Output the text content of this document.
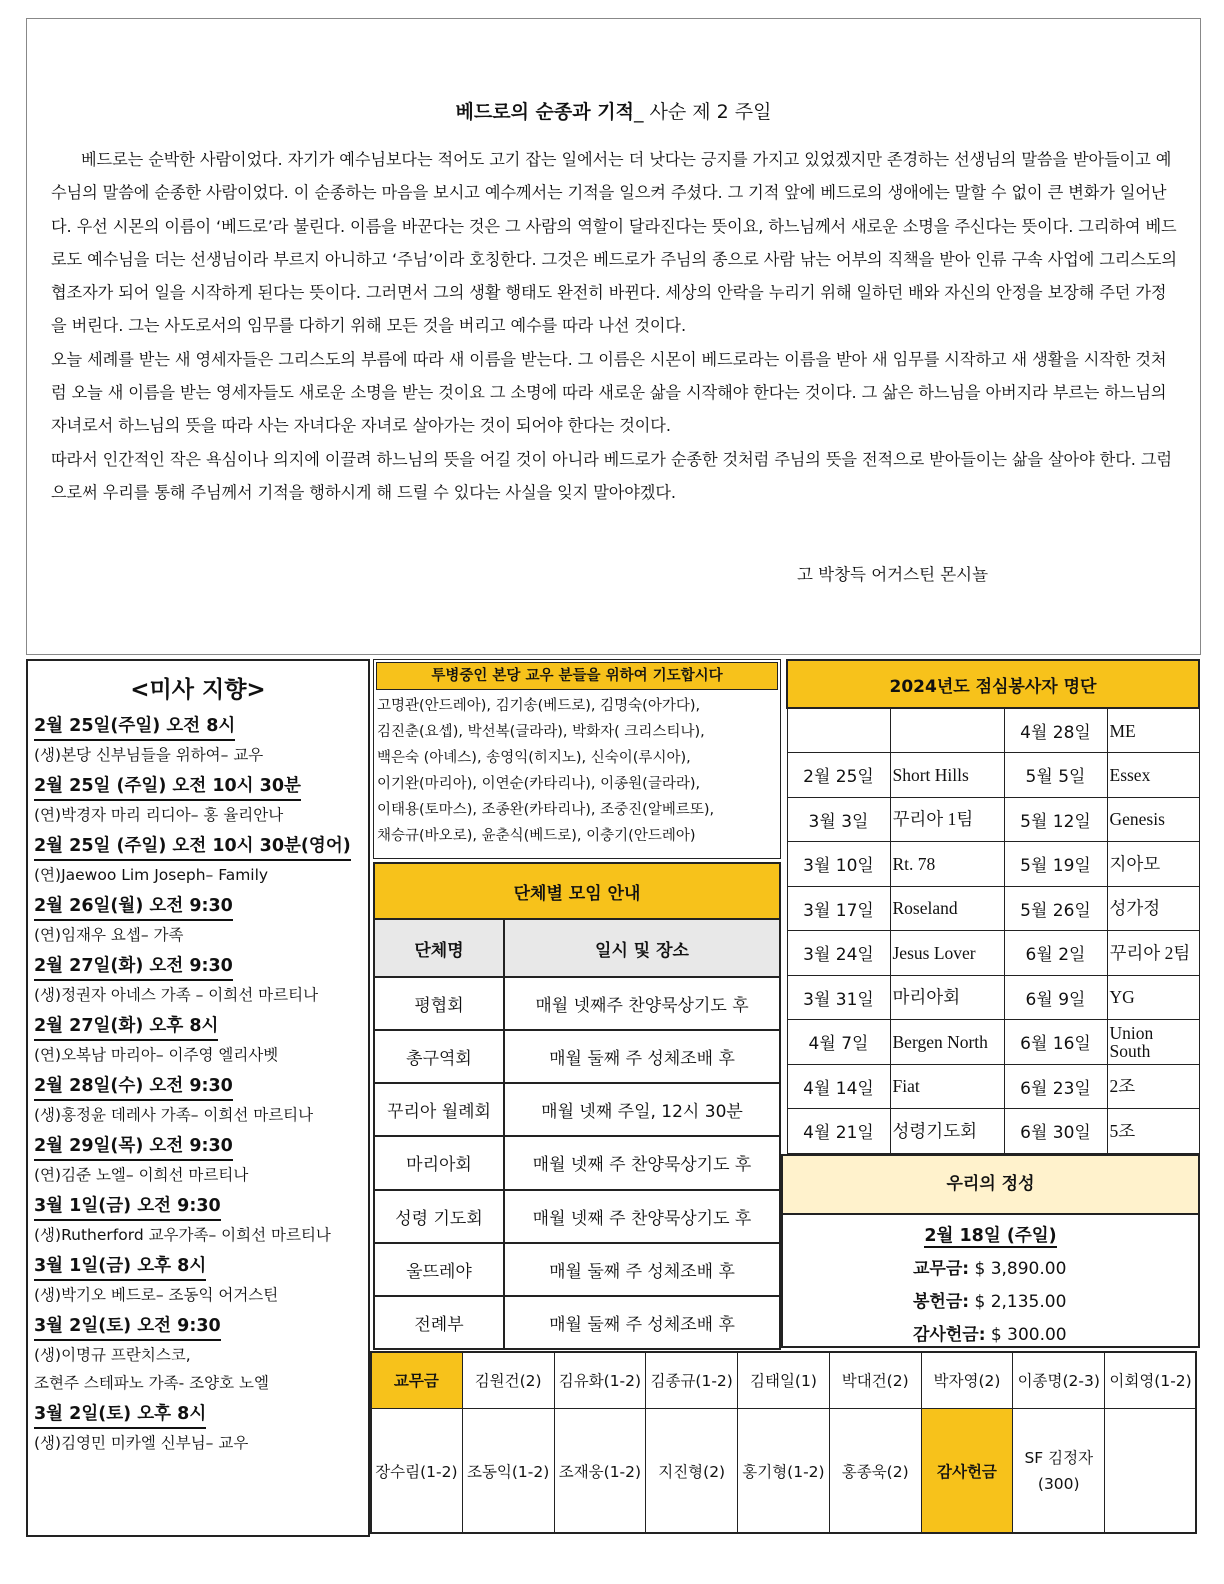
베드로의 순종과 기적_ 사순 제 2 주일

베드로는 순박한 사람이었다. 자기가 예수님보다는 적어도 고기 잡는 일에서는 더 낫다는 긍지를 가지고 있었겠지만 존경하는 선생님의 말씀을 받아들이고 예수님의 말씀에 순종한 사람이었다. 이 순종하는 마음을 보시고 예수께서는 기적을 일으켜 주셨다. 그 기적 앞에 베드로의 생애에는 말할 수 없이 큰 변화가 일어난다. 우선 시몬의 이름이 ‘베드로’라 불린다. 이름을 바꾼다는 것은 그 사람의 역할이 달라진다는 뜻이요, 하느님께서 새로운 소명을 주신다는 뜻이다. 그리하여 베드로도 예수님을 더는 선생님이라 부르지 아니하고 ‘주님’이라 호칭한다. 그것은 베드로가 주님의 종으로 사람 낚는 어부의 직책을 받아 인류 구속 사업에 그리스도의 협조자가 되어 일을 시작하게 된다는 뜻이다. 그러면서 그의 생활 행태도 완전히 바뀐다. 세상의 안락을 누리기 위해 일하던 배와 자신의 안정을 보장해 주던 가정을 버린다. 그는 사도로서의 임무를 다하기 위해 모든 것을 버리고 예수를 따라 나선 것이다.

오늘 세례를 받는 새 영세자들은 그리스도의 부름에 따라 새 이름을 받는다. 그 이름은 시몬이 베드로라는 이름을 받아 새 임무를 시작하고 새 생활을 시작한 것처럼 오늘 새 이름을 받는 영세자들도 새로운 소명을 받는 것이요 그 소명에 따라 새로운 삶을 시작해야 한다는 것이다. 그 삶은 하느님을 아버지라 부르는 하느님의 자녀로서 하느님의 뜻을 따라 사는 자녀다운 자녀로 살아가는 것이 되어야 한다는 것이다.

따라서 인간적인 작은 욕심이나 의지에 이끌려 하느님의 뜻을 어길 것이 아니라 베드로가 순종한 것처럼 주님의 뜻을 전적으로 받아들이는 삶을 살아야 한다. 그럼으로써 우리를 통해 주님께서 기적을 행하시게 해 드릴 수 있다는 사실을 잊지 말아야겠다.

고 박창득 어거스틴 몬시뇰
<미사 지향>
2월 25일(주일) 오전 8시
(생)본당 신부님들을 위하여– 교우
2월 25일 (주일) 오전 10시 30분
(연)박경자 마리 리디아– 홍 율리안나
2월 25일 (주일) 오전 10시 30분(영어)
(연)Jaewoo Lim Joseph– Family
2월 26일(월) 오전 9:30
(연)임재우 요셉– 가족
2월 27일(화) 오전 9:30
(생)정권자 아네스 가족 – 이희선 마르티나
2월 27일(화) 오후 8시
(연)오복남 마리아– 이주영 엘리사벳
2월 28일(수) 오전 9:30
(생)홍정윤 데레사 가족– 이희선 마르티나
2월 29일(목) 오전 9:30
(연)김준 노엘– 이희선 마르티나
3월 1일(금) 오전 9:30
(생)Rutherford 교우가족– 이희선 마르티나
3월 1일(금) 오후 8시
(생)박기오 베드로– 조동익 어거스틴
3월 2일(토) 오전 9:30
(생)이명규 프란치스코,
조현주 스테파노 가족- 조양호 노엘
3월 2일(토) 오후 8시
(생)김영민 미카엘 신부님– 교우
투병중인 본당 교우 분들을 위하여 기도합시다
고명관(안드레아), 김기송(베드로), 김명숙(아가다),
김진춘(요셉), 박선복(글라라), 박화자( 크리스티나),
백은숙 (아녜스), 송영익(히지노), 신숙이(루시아),
이기완(마리아), 이연순(카타리나), 이종원(글라라),
이태용(토마스), 조종완(카타리나), 조중진(알베르또),
채승규(바오로), 윤춘식(베드로), 이충기(안드레아)
단체별 모임 안내	
단체명	일시 및 장소
평협회	매월 넷째주 찬양묵상기도 후
총구역회	매월 둘째 주 성체조배 후
꾸리아 월례회	매월 넷째 주일, 12시 30분
마리아회	매월 넷째 주 찬양묵상기도 후
성령 기도회	매월 넷째 주 찬양묵상기도 후
울뜨레야	매월 둘째 주 성체조배 후
전례부	매월 둘째 주 성체조배 후
2024년도 점심봉사자 명단			
		4월 28일	ME
2월 25일	Short Hills	5월 5일	Essex
3월 3일	꾸리아 1팀	5월 12일	Genesis
3월 10일	Rt. 78	5월 19일	지아모
3월 17일	Roseland	5월 26일	성가정
3월 24일	Jesus Lover	6월 2일	꾸리아 2팀
3월 31일	마리아회	6월 9일	YG
4월 7일	Bergen North	6월 16일	Union South
4월 14일	Fiat	6월 23일	2조
4월 21일	성령기도회	6월 30일	5조
우리의 정성
2월 18일 (주일)
교무금: $ 3,890.00
봉헌금: $ 2,135.00
감사헌금: $ 300.00
교무금	김원건(2)	김유화(1-2)	김종규(1-2)	김태일(1)	박대건(2)	박자영(2)	이종명(2-3)	이회영(1-2)
장수림(1-2)	조동익(1-2)	조재웅(1-2)	지진형(2)	홍기형(1-2)	홍종욱(2)	감사헌금	SF 김정자
(300)	
